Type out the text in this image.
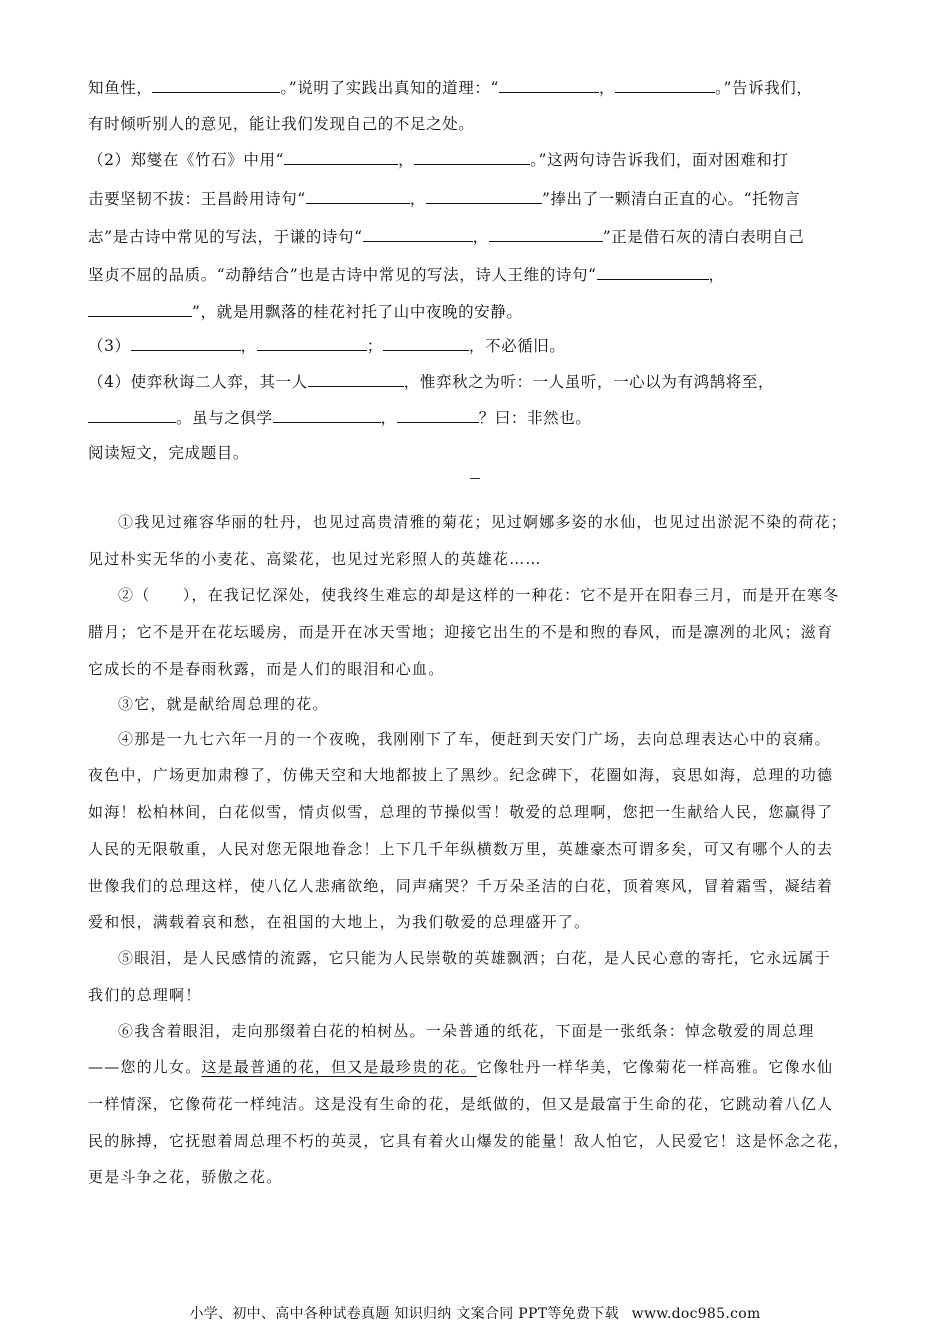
知鱼性，	。”说明了实践出真知的道理：“	，	。”告诉我们，
有时倾听别人的意见，能让我们发现自己的不足之处。
（2）郑燮在《竹石》中用“	，	。”这两句诗告诉我们，面对困难和打
击要坚韧不拔：王昌龄用诗句“	，	”捧出了一颗清白正直的心。“托物言
志”是古诗中常见的写法，于谦的诗句“	，	”正是借石灰的清白表明自己
坚贞不屈的品质。“动静结合”也是古诗中常见的写法，诗人王维的诗句“	，
”，就是用飘落的桂花衬托了山中夜晚的安静。
（3）	，	；	，不必循旧。
（4）使弈秋诲二人弈，其一人	，惟弈秋之为听：一人虽听，一心以为有鸿鹄将至，
。虽与之俱学	，	？曰：非然也。
阅读短文，完成题目。
①我见过雍容华丽的牡丹，也见过高贵清雅的菊花；见过婀娜多姿的水仙，也见过出淤泥不染的荷花；
见过朴实无华的小麦花、高粱花，也见过光彩照人的英雄花……
②（　　），在我记忆深处，使我终生难忘的却是这样的一种花：它不是开在阳春三月，而是开在寒冬
腊月；它不是开在花坛暖房，而是开在冰天雪地；迎接它出生的不是和煦的春风，而是凛冽的北风；滋育
它成长的不是春雨秋露，而是人们的眼泪和心血。
③它，就是献给周总理的花。
④那是一九七六年一月的一个夜晚，我刚刚下了车，便赶到天安门广场，去向总理表达心中的哀痛。
夜色中，广场更加肃穆了，仿佛天空和大地都披上了黑纱。纪念碑下，花圈如海，哀思如海，总理的功德
如海！松柏林间，白花似雪，情贞似雪，总理的节操似雪！敬爱的总理啊，您把一生献给人民，您赢得了
人民的无限敬重，人民对您无限地眷念！上下几千年纵横数万里，英雄豪杰可谓多矣，可又有哪个人的去
世像我们的总理这样，使八亿人悲痛欲绝，同声痛哭？千万朵圣洁的白花，顶着寒风，冒着霜雪，凝结着
爱和恨，满载着哀和愁，在祖国的大地上，为我们敬爱的总理盛开了。
⑤眼泪，是人民感情的流露，它只能为人民崇敬的英雄飘洒；白花，是人民心意的寄托，它永远属于
我们的总理啊！
⑥我含着眼泪，走向那缀着白花的柏树丛。一朵普通的纸花，下面是一张纸条：悼念敬爱的周总理
——您的儿女。这是最普通的花，但又是最珍贵的花。它像牡丹一样华美，它像菊花一样高雅。它像水仙
一样情深，它像荷花一样纯洁。这是没有生命的花，是纸做的，但又是最富于生命的花，它跳动着八亿人
民的脉搏，它抚慰着周总理不朽的英灵，它具有着火山爆发的能量！敌人怕它，人民爱它！这是怀念之花，
更是斗争之花，骄傲之花。
小学、初中、高中各种试卷真题 知识归纳 文案合同 PPT等免费下载 www.doc985.com
